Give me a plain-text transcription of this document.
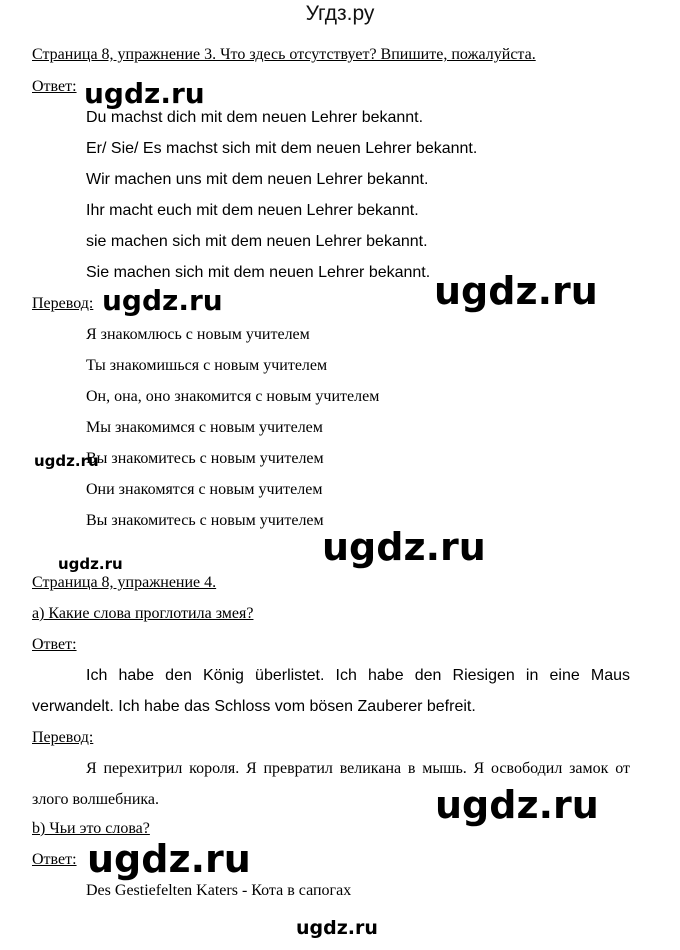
Угдз.ру
Страница 8, упражнение 3. Что здесь отсутствует? Впишите, пожалуйста.
Ответ:
Du machst dich mit dem neuen Lehrer bekannt.
Er/ Sie/ Es machst sich mit dem neuen Lehrer bekannt.
Wir machen uns mit dem neuen Lehrer bekannt.
Ihr macht euch mit dem neuen Lehrer bekannt.
sie machen sich mit dem neuen Lehrer bekannt.
Sie machen sich mit dem neuen Lehrer bekannt.
Перевод:
Я знакомлюсь с новым учителем
Ты знакомишься с новым учителем
Он, она, оно знакомится с новым учителем
Мы знакомимся с новым учителем
Вы знакомитесь с новым учителем
Они знакомятся с новым учителем
Вы знакомитесь с новым учителем
Страница 8, упражнение 4.
а) Какие слова проглотила змея?
Ответ:
Ich habe den König überlistet. Ich habe den Riesigen in eine Maus verwandelt. Ich habe das Schloss vom bösen Zauberer befreit.
Перевод:
Я перехитрил короля. Я превратил великана в мышь. Я освободил замок от злого волшебника.
b) Чьи это слова?
Ответ:
Des Gestiefelten Katers - Кота в сапогах
ugdz.ru
ugdz.ru	ugdz.ru
ugdz.ru
ugdz.ru
ugdz.ru
ugdz.ru
ugdz.ru
ugdz.ru
